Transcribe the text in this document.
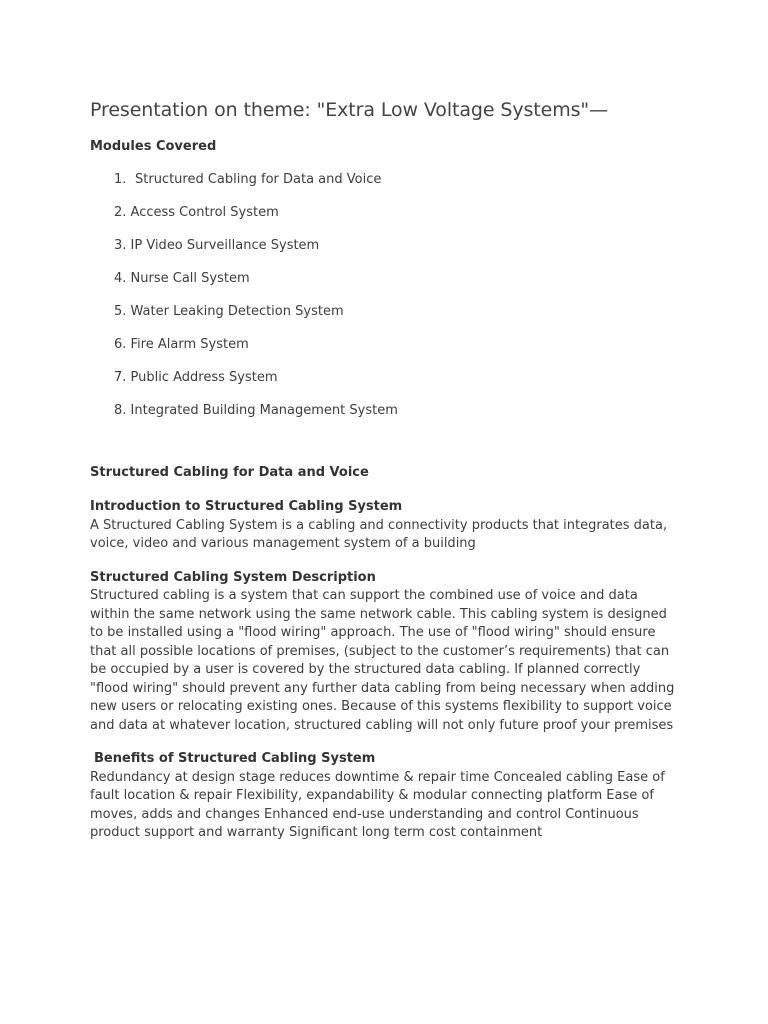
Presentation on theme: "Extra Low Voltage Systems"—
Modules Covered
1. Structured Cabling for Data and Voice
2. Access Control System
3. IP Video Surveillance System
4. Nurse Call System
5. Water Leaking Detection System
6. Fire Alarm System
7. Public Address System
8. Integrated Building Management System
Structured Cabling for Data and Voice
Introduction to Structured Cabling System
A Structured Cabling System is a cabling and connectivity products that integrates data, voice, video and various management system of a building
Structured Cabling System Description
Structured cabling is a system that can support the combined use of voice and data within the same network using the same network cable. This cabling system is designed to be installed using a "flood wiring" approach. The use of "flood wiring" should ensure that all possible locations of premises, (subject to the customer’s requirements) that can be occupied by a user is covered by the structured data cabling. If planned correctly "flood wiring" should prevent any further data cabling from being necessary when adding new users or relocating existing ones. Because of this systems flexibility to support voice and data at whatever location, structured cabling will not only future proof your premises
Benefits of Structured Cabling System
Redundancy at design stage reduces downtime & repair time Concealed cabling Ease of fault location & repair Flexibility, expandability & modular connecting platform Ease of moves, adds and changes Enhanced end-use understanding and control Continuous product support and warranty Significant long term cost containment
